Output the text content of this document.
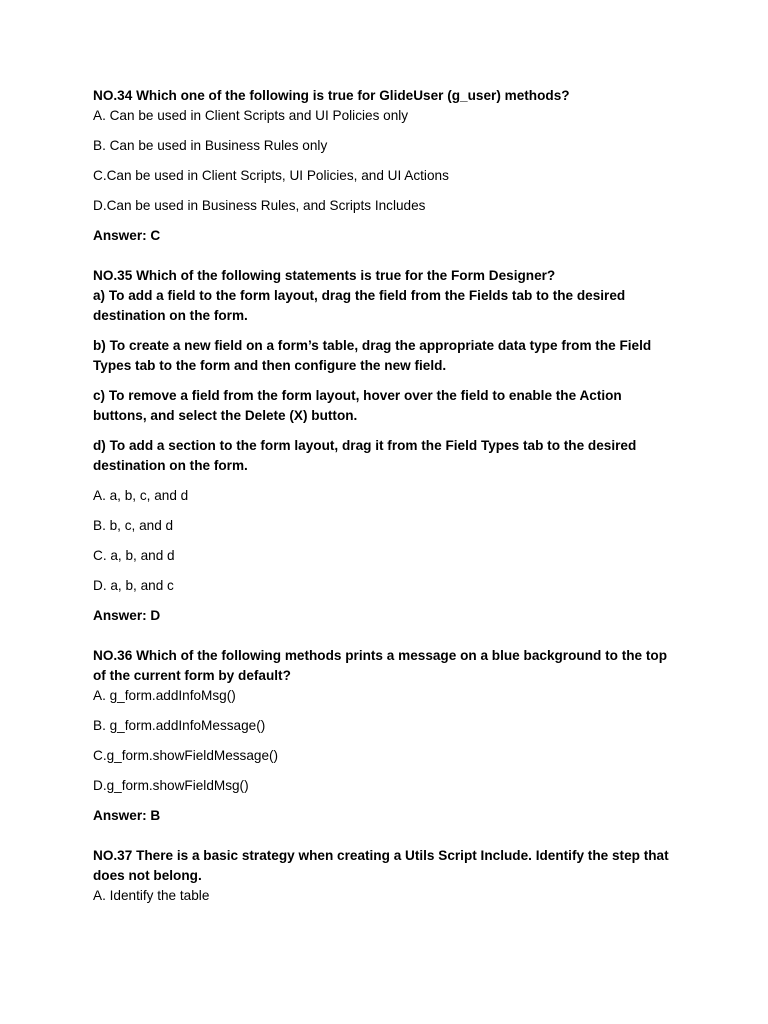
NO.34 Which one of the following is true for GlideUser (g_user) methods?

A. Can be used in Client Scripts and UI Policies only

B. Can be used in Business Rules only

C.Can be used in Client Scripts, UI Policies, and UI Actions

D.Can be used in Business Rules, and Scripts Includes

Answer: C

NO.35 Which of the following statements is true for the Form Designer?

a) To add a field to the form layout, drag the field from the Fields tab to the desired destination on the form.

b) To create a new field on a form’s table, drag the appropriate data type from the Field Types tab to the form and then configure the new field.

c) To remove a field from the form layout, hover over the field to enable the Action buttons, and select the Delete (X) button.

d) To add a section to the form layout, drag it from the Field Types tab to the desired destination on the form.

A. a, b, c, and d

B. b, c, and d

C. a, b, and d

D. a, b, and c

Answer: D

NO.36 Which of the following methods prints a message on a blue background to the top of the current form by default?

A. g_form.addInfoMsg()

B. g_form.addInfoMessage()

C.g_form.showFieldMessage()

D.g_form.showFieldMsg()

Answer: B

NO.37 There is a basic strategy when creating a Utils Script Include. Identify the step that does not belong.

A. Identify the table
